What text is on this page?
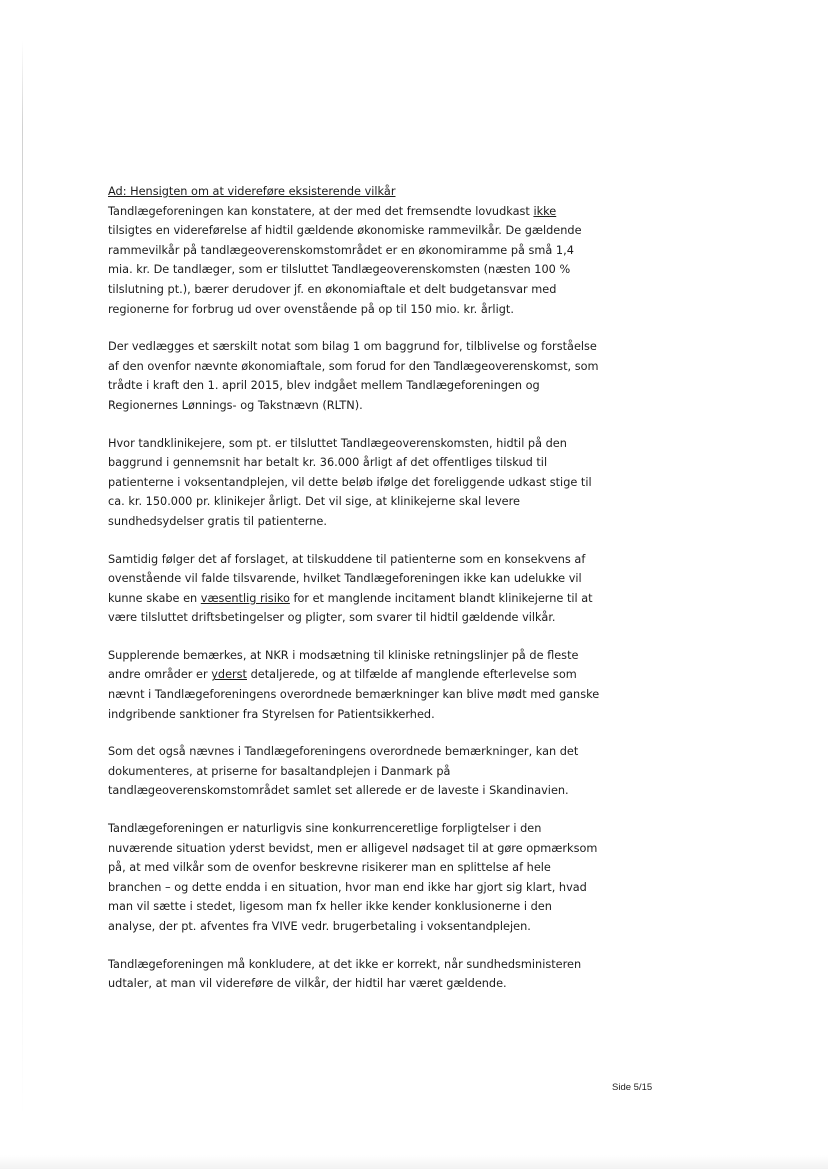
Ad: Hensigten om at videreføre eksisterende vilkår
Tandlægeforeningen kan konstatere, at der med det fremsendte lovudkast ikke tilsigtes en videreførelse af hidtil gældende økonomiske rammevilkår. De gældende rammevilkår på tandlægeoverenskomstområdet er en økonomiramme på små 1,4 mia. kr. De tandlæger, som er tilsluttet Tandlægeoverenskomsten (næsten 100 % tilslutning pt.), bærer derudover jf. en økonomiaftale et delt budgetansvar med regionerne for forbrug ud over ovenstående på op til 150 mio. kr. årligt.

Der vedlægges et særskilt notat som bilag 1 om baggrund for, tilblivelse og forståelse af den ovenfor nævnte økonomiaftale, som forud for den Tandlægeoverenskomst, som trådte i kraft den 1. april 2015, blev indgået mellem Tandlægeforeningen og Regionernes Lønnings- og Takstnævn (RLTN).

Hvor tandklinikejere, som pt. er tilsluttet Tandlægeoverenskomsten, hidtil på den baggrund i gennemsnit har betalt kr. 36.000 årligt af det offentliges tilskud til patienterne i voksentandplejen, vil dette beløb ifølge det foreliggende udkast stige til ca. kr. 150.000 pr. klinikejer årligt. Det vil sige, at klinikejerne skal levere sundhedsydelser gratis til patienterne.

Samtidig følger det af forslaget, at tilskuddene til patienterne som en konsekvens af ovenstående vil falde tilsvarende, hvilket Tandlægeforeningen ikke kan udelukke vil kunne skabe en væsentlig risiko for et manglende incitament blandt klinikejerne til at være tilsluttet driftsbetingelser og pligter, som svarer til hidtil gældende vilkår.

Supplerende bemærkes, at NKR i modsætning til kliniske retningslinjer på de fleste andre områder er yderst detaljerede, og at tilfælde af manglende efterlevelse som nævnt i Tandlægeforeningens overordnede bemærkninger kan blive mødt med ganske indgribende sanktioner fra Styrelsen for Patientsikkerhed.

Som det også nævnes i Tandlægeforeningens overordnede bemærkninger, kan det dokumenteres, at priserne for basaltandplejen i Danmark på tandlægeoverenskomstområdet samlet set allerede er de laveste i Skandinavien.

Tandlægeforeningen er naturligvis sine konkurrenceretlige forpligtelser i den nuværende situation yderst bevidst, men er alligevel nødsaget til at gøre opmærksom på, at med vilkår som de ovenfor beskrevne risikerer man en splittelse af hele branchen – og dette endda i en situation, hvor man end ikke har gjort sig klart, hvad man vil sætte i stedet, ligesom man fx heller ikke kender konklusionerne i den analyse, der pt. afventes fra VIVE vedr. brugerbetaling i voksentandplejen.

Tandlægeforeningen må konkludere, at det ikke er korrekt, når sundhedsministeren udtaler, at man vil videreføre de vilkår, der hidtil har været gældende.

Side 5/15
